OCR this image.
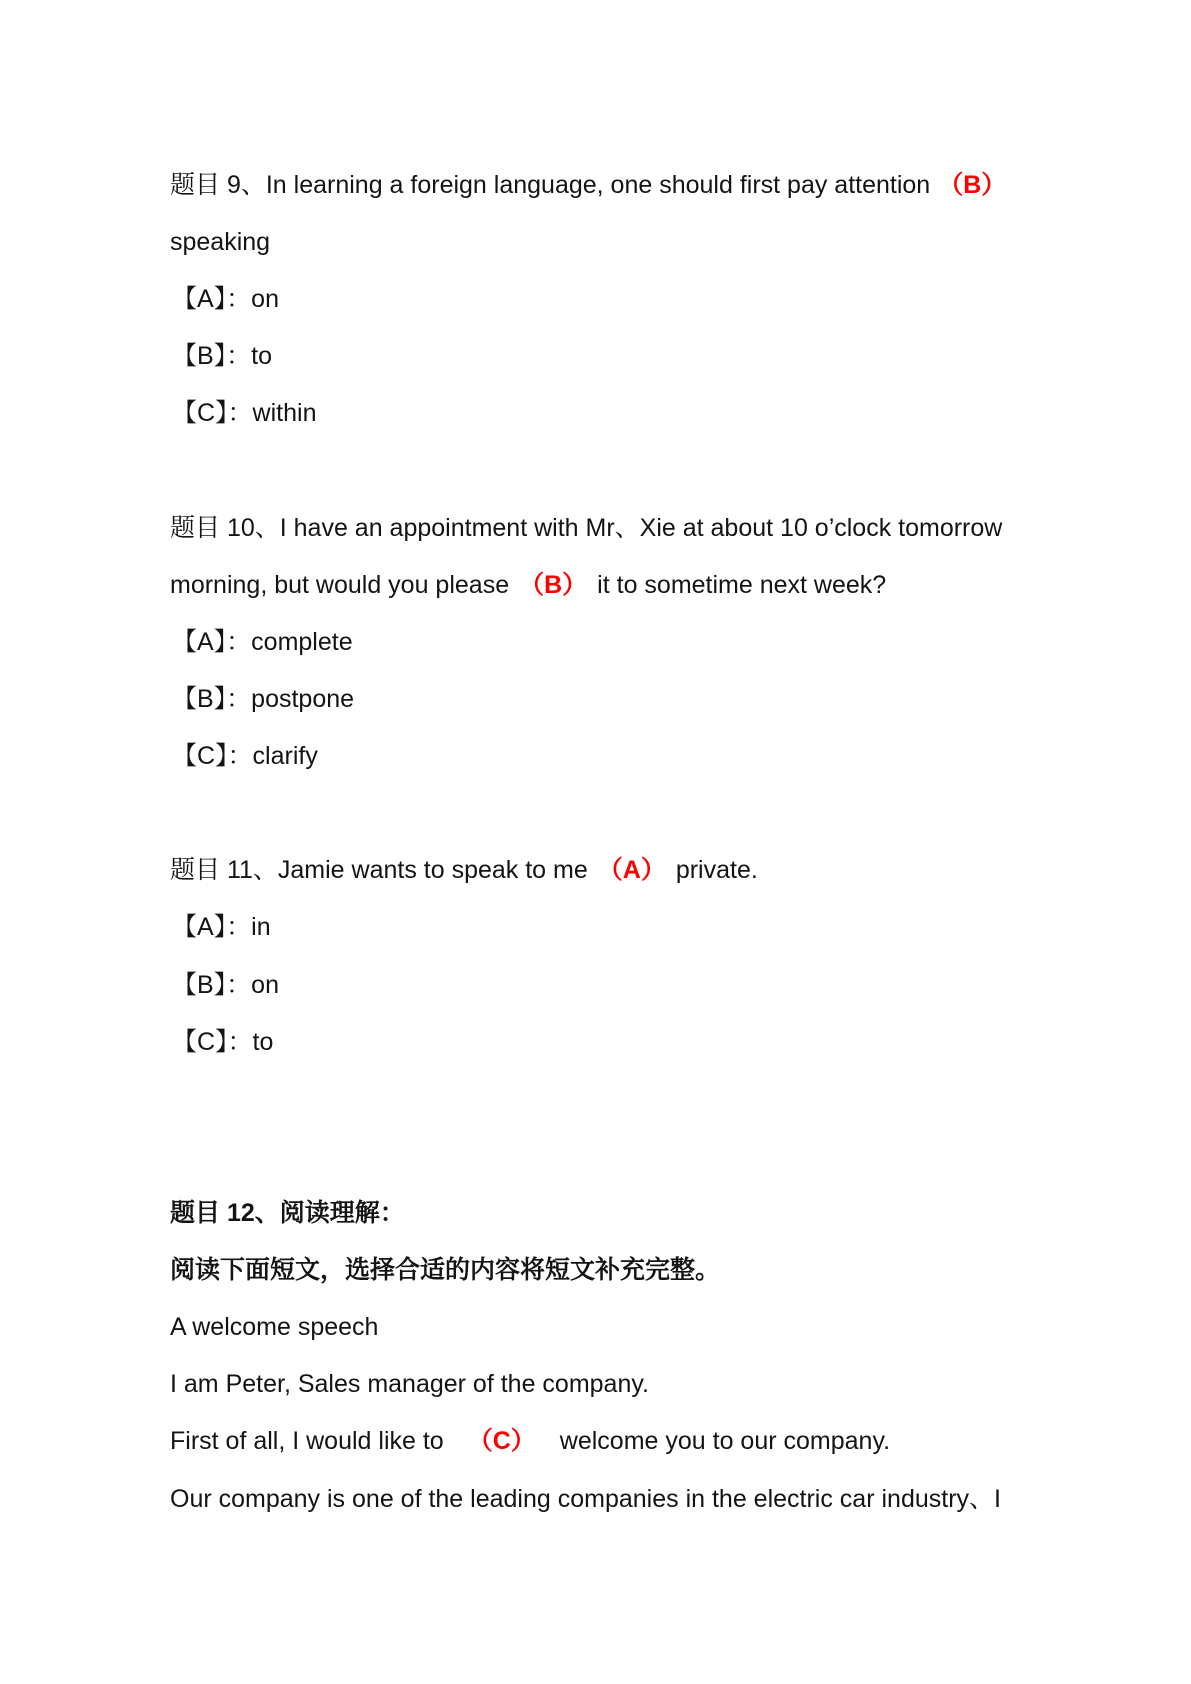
题目 9、In learning a foreign language, one should first pay attention （B）
speaking
【A】：on
【B】：to
【C】：within
题目 10、I have an appointment with Mr、Xie at about 10 o’clock tomorrow
morning, but would you please （B） it to sometime next week?
【A】：complete
【B】：postpone
【C】：clarify
题目 11、Jamie wants to speak to me （A） private.
【A】：in
【B】：on
【C】：to
题目 12、阅读理解：
阅读下面短文，选择合适的内容将短文补充完整。
A welcome speech
I am Peter, Sales manager of the company.
First of all, I would like to （C） welcome you to our company.
Our company is one of the leading companies in the electric car industry、I
